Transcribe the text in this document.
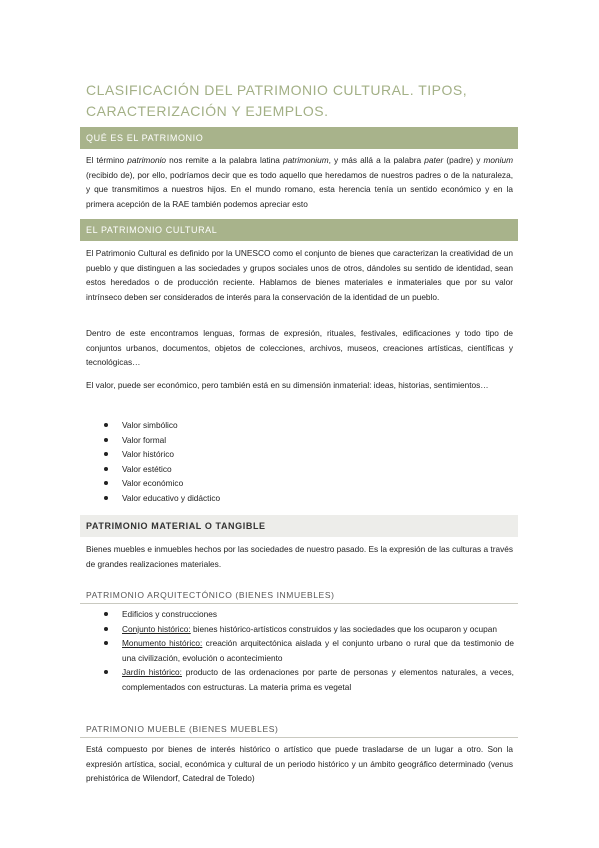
CLASIFICACIÓN DEL PATRIMONIO CULTURAL. TIPOS, CARACTERIZACIÓN Y EJEMPLOS.
QUÉ ES EL PATRIMONIO

El término patrimonio nos remite a la palabra latina patrimonium, y más allá a la palabra pater (padre) y monium (recibido de), por ello, podríamos decir que es todo aquello que heredamos de nuestros padres o de la naturaleza, y que transmitimos a nuestros hijos. En el mundo romano, esta herencia tenía un sentido económico y en la primera acepción de la RAE también podemos apreciar esto

EL PATRIMONIO CULTURAL

El Patrimonio Cultural es definido por la UNESCO como el conjunto de bienes que caracterizan la creatividad de un pueblo y que distinguen a las sociedades y grupos sociales unos de otros, dándoles su sentido de identidad, sean estos heredados o de producción reciente. Hablamos de bienes materiales e inmateriales que por su valor intrínseco deben ser considerados de interés para la conservación de la identidad de un pueblo.

Dentro de este encontramos lenguas, formas de expresión, rituales, festivales, edificaciones y todo tipo de conjuntos urbanos, documentos, objetos de colecciones, archivos, museos, creaciones artísticas, científicas y tecnológicas…

El valor, puede ser económico, pero también está en su dimensión inmaterial: ideas, historias, sentimientos…

Valor simbólico
Valor formal
Valor histórico
Valor estético
Valor económico
Valor educativo y didáctico
PATRIMONIO MATERIAL O TANGIBLE

Bienes muebles e inmuebles hechos por las sociedades de nuestro pasado. Es la expresión de las culturas a través de grandes realizaciones materiales.

PATRIMONIO ARQUITECTÓNICO (BIENES INMUEBLES)
Edificios y construcciones
Conjunto histórico: bienes histórico-artísticos construidos y las sociedades que los ocuparon y ocupan
Monumento histórico: creación arquitectónica aislada y el conjunto urbano o rural que da testimonio de una civilización, evolución o acontecimiento
Jardín histórico: producto de las ordenaciones por parte de personas y elementos naturales, a veces, complementados con estructuras. La materia prima es vegetal
PATRIMONIO MUEBLE (BIENES MUEBLES)

Está compuesto por bienes de interés histórico o artístico que puede trasladarse de un lugar a otro. Son la expresión artística, social, económica y cultural de un periodo histórico y un ámbito geográfico determinado (venus prehistórica de Wilendorf, Catedral de Toledo)
